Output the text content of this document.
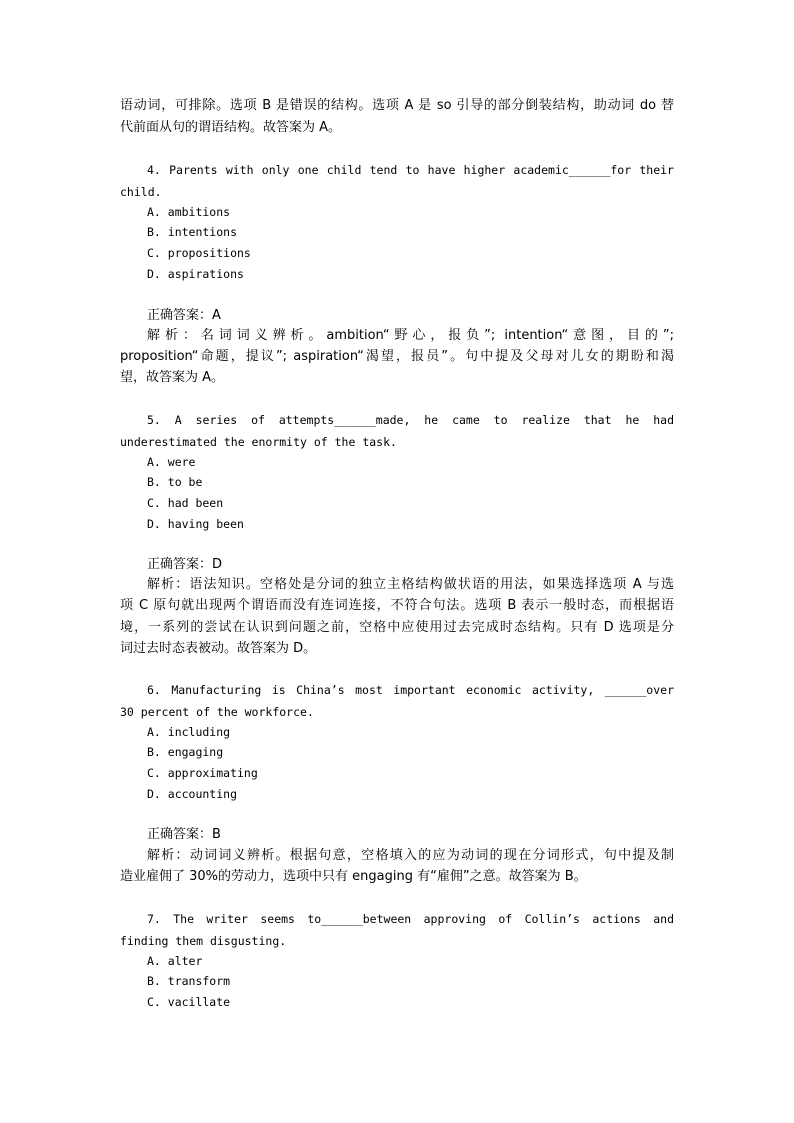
语动词，可排除。选项 B 是错误的结构。选项 A 是 so 引导的部分倒装结构，助动词 do 替
代前面从句的谓语结构。故答案为 A。
4. Parents with only one child tend to have higher academic______for their
child.
A. ambitions
B. intentions
C. propositions
D. aspirations
正确答案：A
解析：名词词义辨析。ambition“野心，报负”; intention“意图，目的”;
proposition“命题，提议”; aspiration“渴望，报员”。句中提及父母对儿女的期盼和渴
望，故答案为 A。
5. A series of attempts______made, he came to realize that he had
underestimated the enormity of the task.
A. were
B. to be
C. had been
D. having been
正确答案：D
解析：语法知识。空格处是分词的独立主格结构做状语的用法，如果选择选项 A 与选
项 C 原句就出现两个谓语而没有连词连接，不符合句法。选项 B 表示一般时态，而根据语
境，一系列的尝试在认识到问题之前，空格中应使用过去完成时态结构。只有 D 选项是分
词过去时态表被动。故答案为 D。
6. Manufacturing is China’s most important economic activity, ______over
30 percent of the workforce.
A. including
B. engaging
C. approximating
D. accounting
正确答案：B
解析：动词词义辨析。根据句意，空格填入的应为动词的现在分词形式，句中提及制
造业雇佣了 30%的劳动力，选项中只有 engaging 有“雇佣”之意。故答案为 B。
7. The writer seems to______between approving of Collin’s actions and
finding them disgusting.
A. alter
B. transform
C. vacillate
